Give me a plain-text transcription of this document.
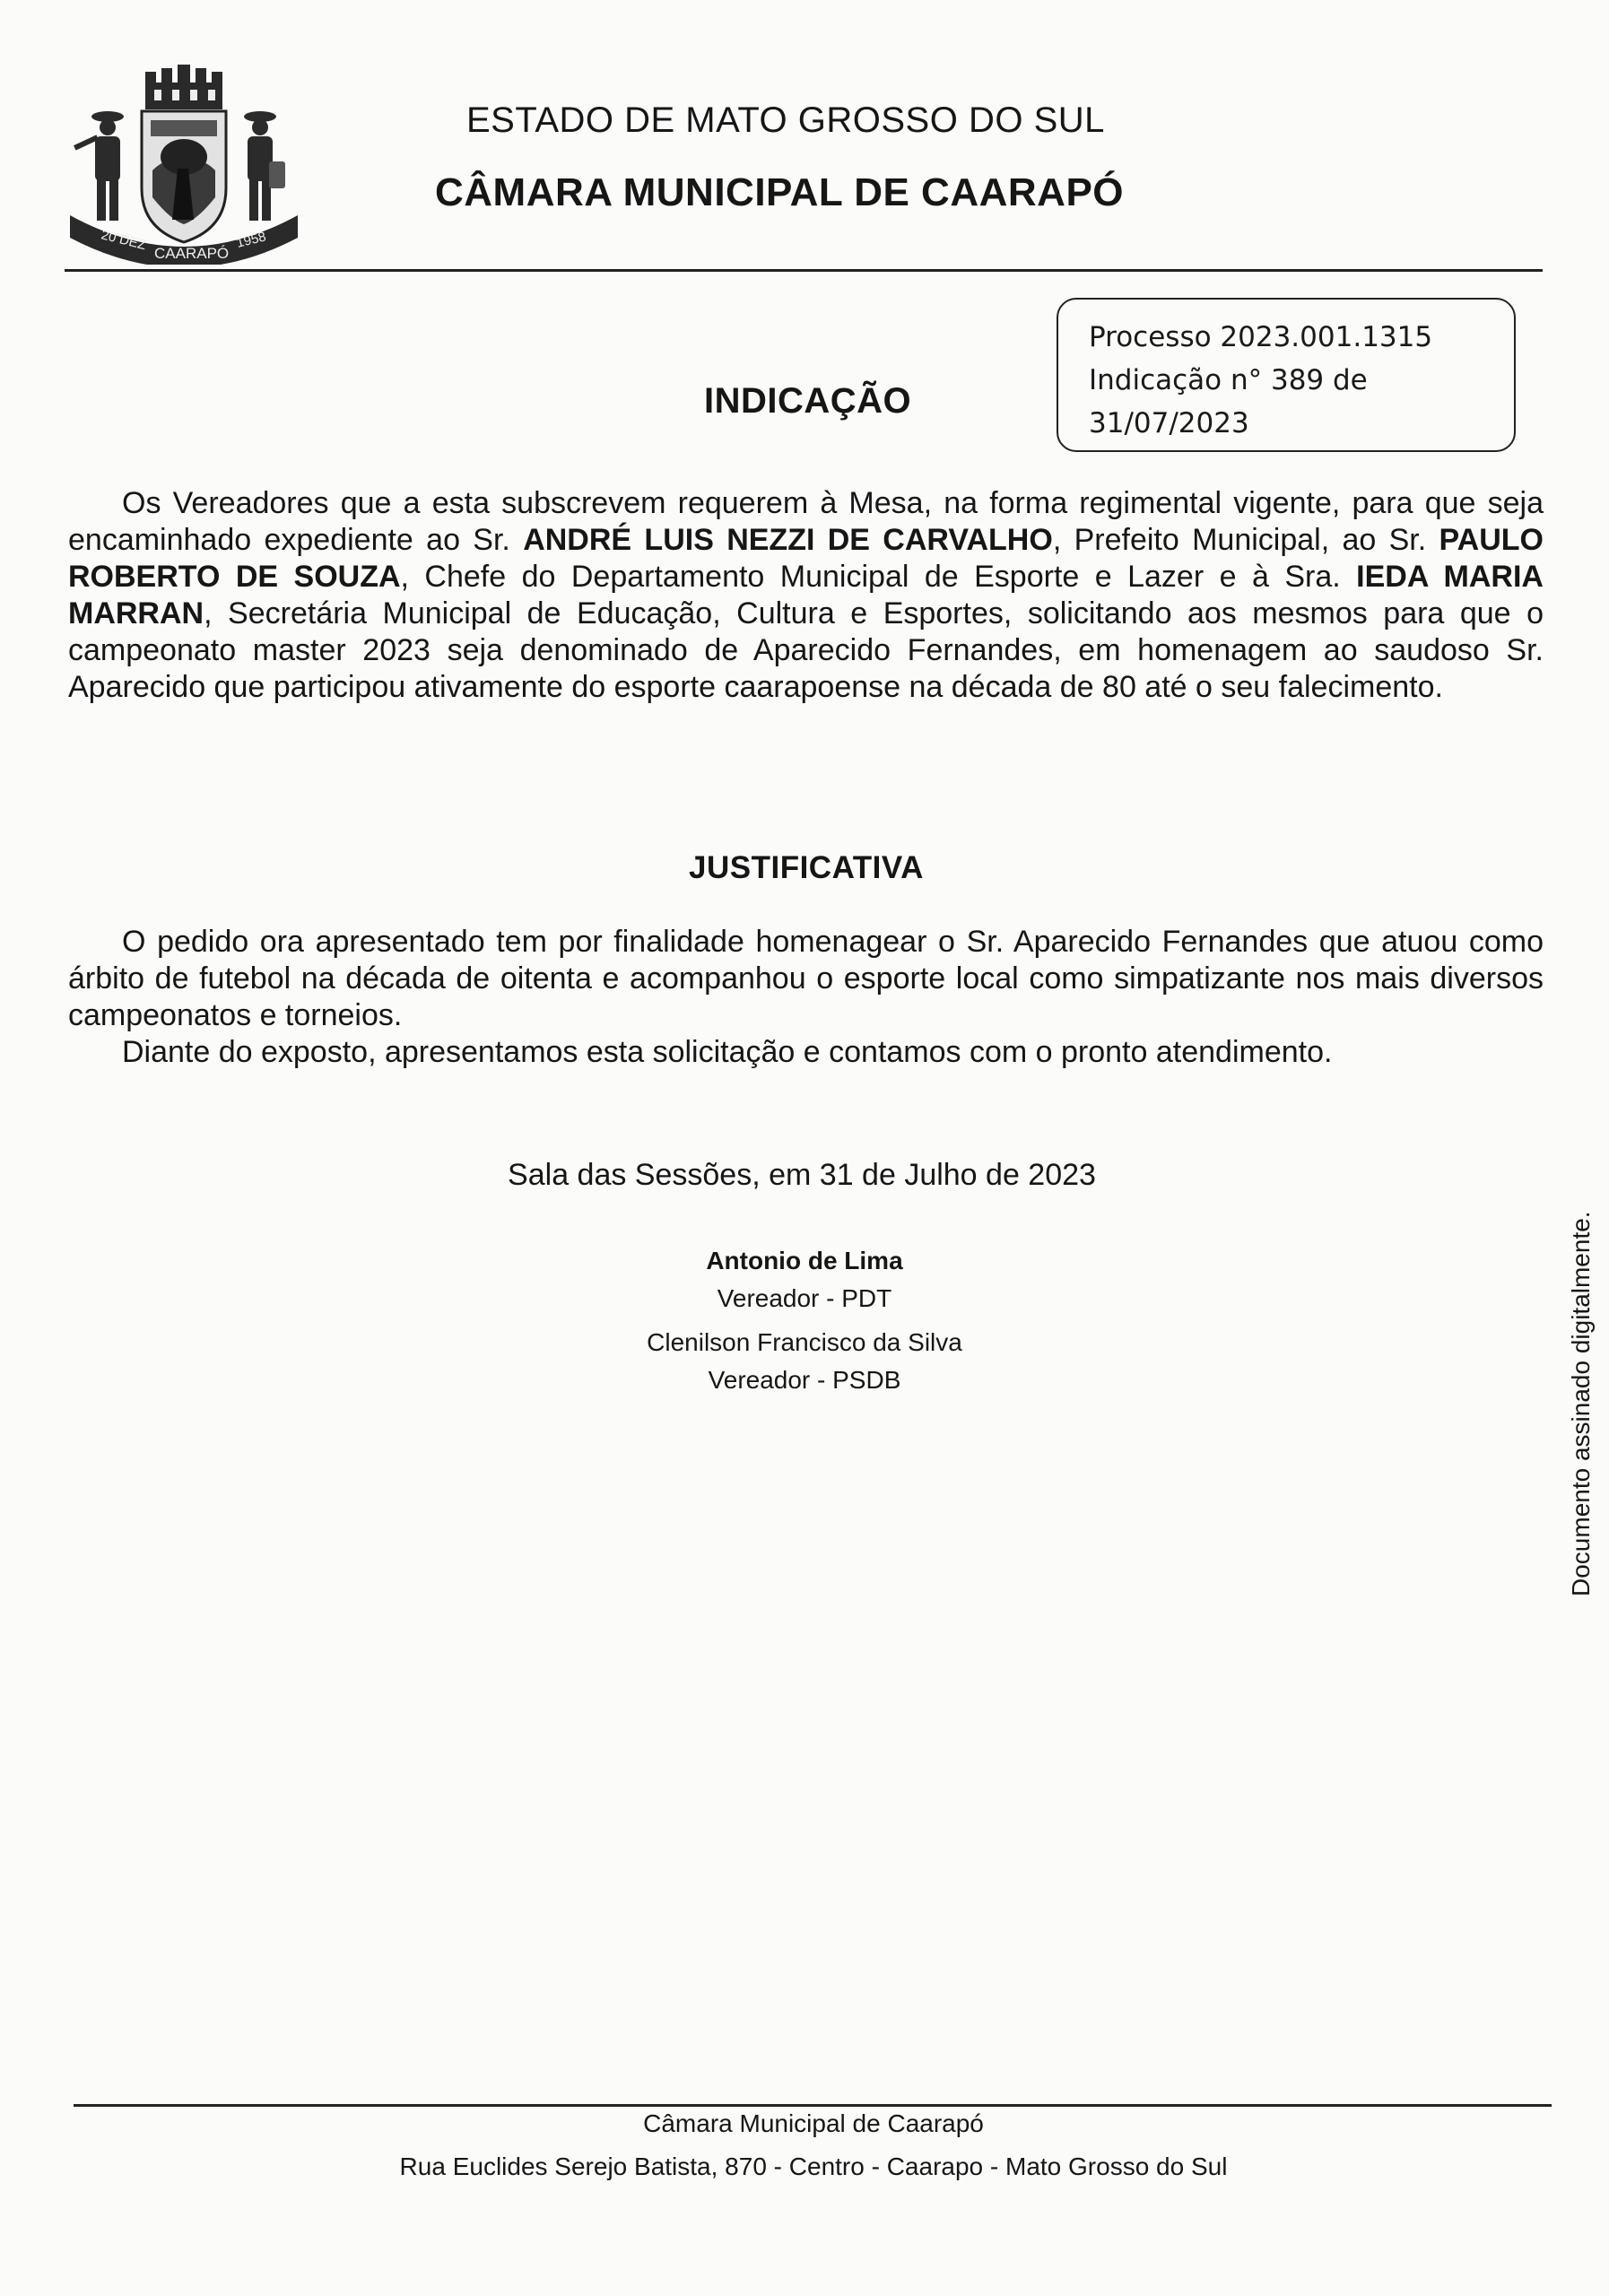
20 DEZ
CAARAPÓ
1958
ESTADO DE MATO GROSSO DO SUL
CÂMARA MUNICIPAL DE CAARAPÓ
Processo 2023.001.1315
Indicação n° 389 de
31/07/2023
INDICAÇÃO

Os Vereadores que a esta subscrevem requerem à Mesa, na forma regimental vigente, para que seja encaminhado expediente ao Sr. ANDRÉ LUIS NEZZI DE CARVALHO, Prefeito Municipal, ao Sr. PAULO ROBERTO DE SOUZA, Chefe do Departamento Municipal de Esporte e Lazer e à Sra. IEDA MARIA MARRAN, Secretária Municipal de Educação, Cultura e Esportes, solicitando aos mesmos para que o campeonato master 2023 seja denominado de Aparecido Fernandes, em homenagem ao saudoso Sr. Aparecido que participou ativamente do esporte caarapoense na década de 80 até o seu falecimento.

JUSTIFICATIVA

O pedido ora apresentado tem por finalidade homenagear o Sr. Aparecido Fernandes que atuou como árbito de futebol na década de oitenta e acompanhou o esporte local como simpatizante nos mais diversos campeonatos e torneios.

Diante do exposto, apresentamos esta solicitação e contamos com o pronto atendimento.

Sala das Sessões, em 31 de Julho de 2023
Antonio de Lima
Vereador - PDT
Clenilson Francisco da Silva
Vereador - PSDB	Documento assinado digitalmente.
Câmara Municipal de Caarapó
Rua Euclides Serejo Batista, 870 - Centro - Caarapo - Mato Grosso do Sul
